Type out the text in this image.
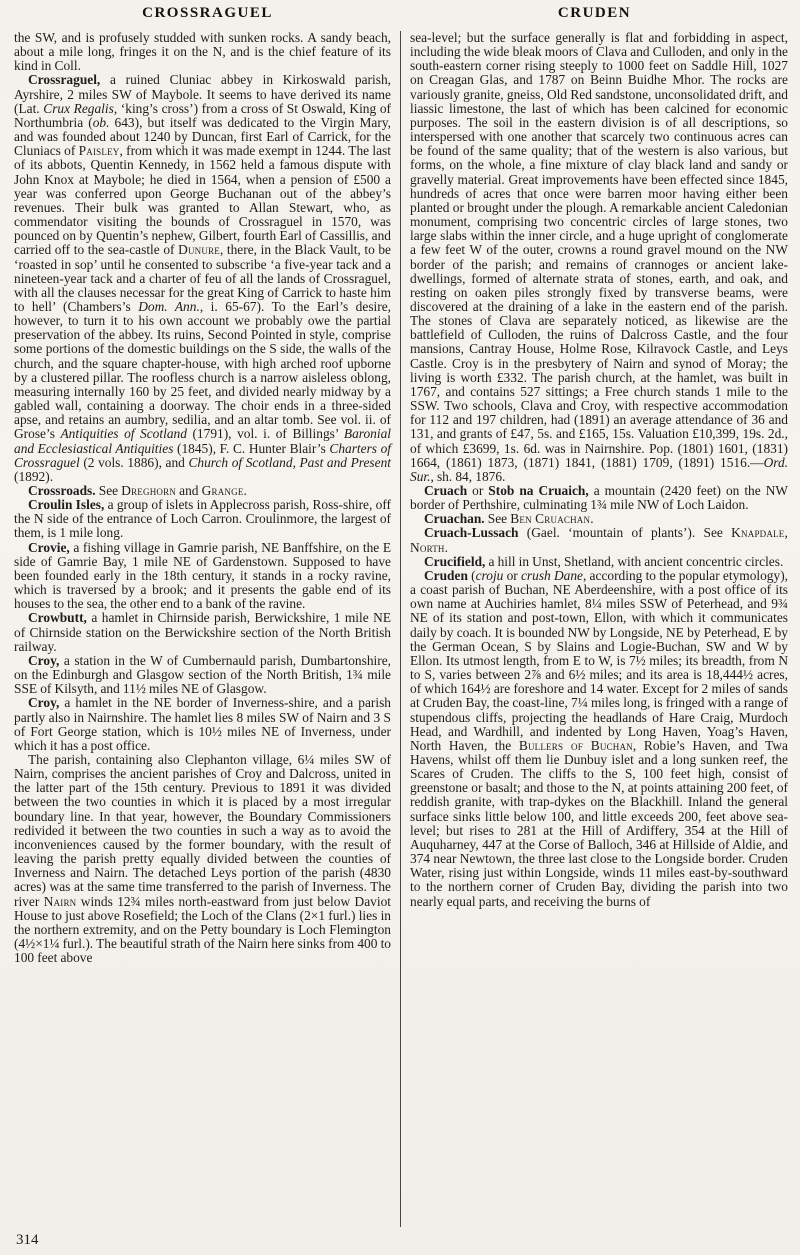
CROSSRAGUEL	CRUDEN

the SW, and is profusely studded with sunken rocks. A sandy beach, about a mile long, fringes it on the N, and is the chief feature of its kind in Coll.

Crossraguel, a ruined Cluniac abbey in Kirkoswald parish, Ayrshire, 2 miles SW of Maybole. It seems to have derived its name (Lat. Crux Regalis, ‘king’s cross’) from a cross of St Oswald, King of Northumbria (ob. 643), but itself was dedicated to the Virgin Mary, and was founded about 1240 by Duncan, first Earl of Carrick, for the Cluniacs of Paisley, from which it was made exempt in 1244. The last of its abbots, Quentin Kennedy, in 1562 held a famous dispute with John Knox at Maybole; he died in 1564, when a pension of £500 a year was conferred upon George Buchanan out of the abbey’s revenues. Their bulk was granted to Allan Stewart, who, as commendator visiting the bounds of Crossraguel in 1570, was pounced on by Quentin’s nephew, Gilbert, fourth Earl of Cassillis, and carried off to the sea-castle of Dunure, there, in the Black Vault, to be ‘roasted in sop’ until he consented to subscribe ‘a five-year tack and a nineteen-year tack and a charter of feu of all the lands of Crossraguel, with all the clauses necessar for the great King of Carrick to haste him to hell’ (Chambers’s Dom. Ann., i. 65-67). To the Earl’s desire, however, to turn it to his own account we probably owe the partial preservation of the abbey. Its ruins, Second Pointed in style, comprise some portions of the domestic buildings on the S side, the walls of the church, and the square chapter-house, with high arched roof upborne by a clustered pillar. The roofless church is a narrow aisleless oblong, measuring internally 160 by 25 feet, and divided nearly midway by a gabled wall, containing a doorway. The choir ends in a three-sided apse, and retains an aumbry, sedilia, and an altar tomb. See vol. ii. of Grose’s Antiquities of Scotland (1791), vol. i. of Billings’ Baronial and Ecclesiastical Antiquities (1845), F. C. Hunter Blair’s Charters of Crossraguel (2 vols. 1886), and Church of Scotland, Past and Present (1892).

Crossroads. See Dreghorn and Grange.

Croulin Isles, a group of islets in Applecross parish, Ross-shire, off the N side of the entrance of Loch Carron. Croulinmore, the largest of them, is 1 mile long.

Crovie, a fishing village in Gamrie parish, NE Banffshire, on the E side of Gamrie Bay, 1 mile NE of Gardenstown. Supposed to have been founded early in the 18th century, it stands in a rocky ravine, which is traversed by a brook; and it presents the gable end of its houses to the sea, the other end to a bank of the ravine.

Crowbutt, a hamlet in Chirnside parish, Berwickshire, 1 mile NE of Chirnside station on the Berwickshire section of the North British railway.

Croy, a station in the W of Cumbernauld parish, Dumbartonshire, on the Edinburgh and Glasgow section of the North British, 1¾ mile SSE of Kilsyth, and 11½ miles NE of Glasgow.

Croy, a hamlet in the NE border of Inverness-shire, and a parish partly also in Nairnshire. The hamlet lies 8 miles SW of Nairn and 3 S of Fort George station, which is 10½ miles NE of Inverness, under which it has a post office.

The parish, containing also Clephanton village, 6¼ miles SW of Nairn, comprises the ancient parishes of Croy and Dalcross, united in the latter part of the 15th century. Previous to 1891 it was divided between the two counties in which it is placed by a most irregular boundary line. In that year, however, the Boundary Commissioners redivided it between the two counties in such a way as to avoid the inconveniences caused by the former boundary, with the result of leaving the parish pretty equally divided between the counties of Inverness and Nairn. The detached Leys portion of the parish (4830 acres) was at the same time transferred to the parish of Inverness. The river Nairn winds 12¾ miles north-eastward from just below Daviot House to just above Rosefield; the Loch of the Clans (2×1 furl.) lies in the northern extremity, and on the Petty boundary is Loch Flemington (4½×1¼ furl.). The beautiful strath of the Nairn here sinks from 400 to 100 feet above

sea-level; but the surface generally is flat and forbidding in aspect, including the wide bleak moors of Clava and Culloden, and only in the south-eastern corner rising steeply to 1000 feet on Saddle Hill, 1027 on Creagan Glas, and 1787 on Beinn Buidhe Mhor. The rocks are variously granite, gneiss, Old Red sandstone, unconsolidated drift, and liassic limestone, the last of which has been calcined for economic purposes. The soil in the eastern division is of all descriptions, so interspersed with one another that scarcely two continuous acres can be found of the same quality; that of the western is also various, but forms, on the whole, a fine mixture of clay black land and sandy or gravelly material. Great improvements have been effected since 1845, hundreds of acres that once were barren moor having either been planted or brought under the plough. A remarkable ancient Caledonian monument, comprising two concentric circles of large stones, two large slabs within the inner circle, and a huge upright of conglomerate a few feet W of the outer, crowns a round gravel mound on the NW border of the parish; and remains of crannoges or ancient lake-dwellings, formed of alternate strata of stones, earth, and oak, and resting on oaken piles strongly fixed by transverse beams, were discovered at the draining of a lake in the eastern end of the parish. The stones of Clava are separately noticed, as likewise are the battlefield of Culloden, the ruins of Dalcross Castle, and the four mansions, Cantray House, Holme Rose, Kilravock Castle, and Leys Castle. Croy is in the presbytery of Nairn and synod of Moray; the living is worth £332. The parish church, at the hamlet, was built in 1767, and contains 527 sittings; a Free church stands 1 mile to the SSW. Two schools, Clava and Croy, with respective accommodation for 112 and 197 children, had (1891) an average attendance of 36 and 131, and grants of £47, 5s. and £165, 15s. Valuation £10,399, 19s. 2d., of which £3699, 1s. 6d. was in Nairnshire. Pop. (1801) 1601, (1831) 1664, (1861) 1873, (1871) 1841, (1881) 1709, (1891) 1516.—Ord. Sur., sh. 84, 1876.

Cruach or Stob na Cruaich, a mountain (2420 feet) on the NW border of Perthshire, culminating 1¾ mile NW of Loch Laidon.

Cruachan. See Ben Cruachan.

Cruach-Lussach (Gael. ‘mountain of plants’). See Knapdale, North.

Crucifield, a hill in Unst, Shetland, with ancient concentric circles.

Cruden (croju or crush Dane, according to the popular etymology), a coast parish of Buchan, NE Aberdeenshire, with a post office of its own name at Auchiries hamlet, 8¼ miles SSW of Peterhead, and 9¾ NE of its station and post-town, Ellon, with which it communicates daily by coach. It is bounded NW by Longside, NE by Peterhead, E by the German Ocean, S by Slains and Logie-Buchan, SW and W by Ellon. Its utmost length, from E to W, is 7½ miles; its breadth, from N to S, varies between 2⅞ and 6½ miles; and its area is 18,444½ acres, of which 164½ are foreshore and 14 water. Except for 2 miles of sands at Cruden Bay, the coast-line, 7¼ miles long, is fringed with a range of stupendous cliffs, projecting the headlands of Hare Craig, Murdoch Head, and Wardhill, and indented by Long Haven, Yoag’s Haven, North Haven, the Bullers of Buchan, Robie’s Haven, and Twa Havens, whilst off them lie Dunbuy islet and a long sunken reef, the Scares of Cruden. The cliffs to the S, 100 feet high, consist of greenstone or basalt; and those to the N, at points attaining 200 feet, of reddish granite, with trap-dykes on the Blackhill. Inland the general surface sinks little below 100, and little exceeds 200, feet above sea-level; but rises to 281 at the Hill of Ardiffery, 354 at the Hill of Auquharney, 447 at the Corse of Balloch, 346 at Hillside of Aldie, and 374 near Newtown, the three last close to the Longside border. Cruden Water, rising just within Longside, winds 11 miles east-by-southward to the northern corner of Cruden Bay, dividing the parish into two nearly equal parts, and receiving the burns of

314
